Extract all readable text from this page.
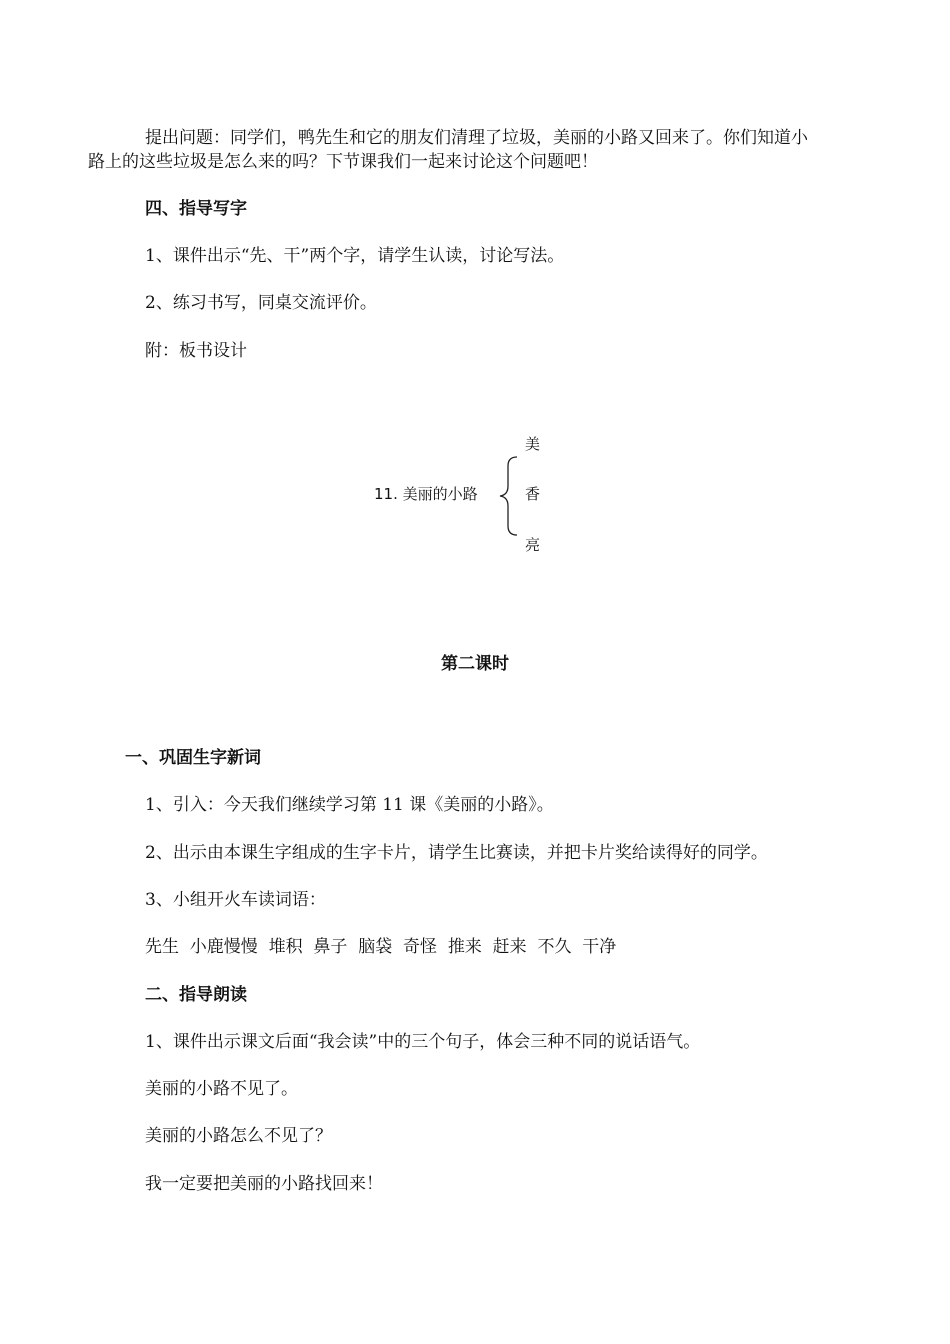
提出问题：同学们，鸭先生和它的朋友们清理了垃圾，美丽的小路又回来了。你们知道小
路上的这些垃圾是怎么来的吗？下节课我们一起来讨论这个问题吧！
四、指导写字
1、课件出示“先、干”两个字，请学生认读，讨论写法。
2、练习书写，同桌交流评价。
附：板书设计
11. 美丽的小路
美
香
亮
第二课时
一、巩固生字新词
1、引入：今天我们继续学习第 11 课《美丽的小路》。
2、出示由本课生字组成的生字卡片，请学生比赛读，并把卡片奖给读得好的同学。
3、小组开火车读词语：
先生  小鹿慢慢  堆积  鼻子  脑袋  奇怪  推来  赶来  不久  干净
二、指导朗读
1、课件出示课文后面“我会读”中的三个句子，体会三种不同的说话语气。
美丽的小路不见了。
美丽的小路怎么不见了？
我一定要把美丽的小路找回来！
